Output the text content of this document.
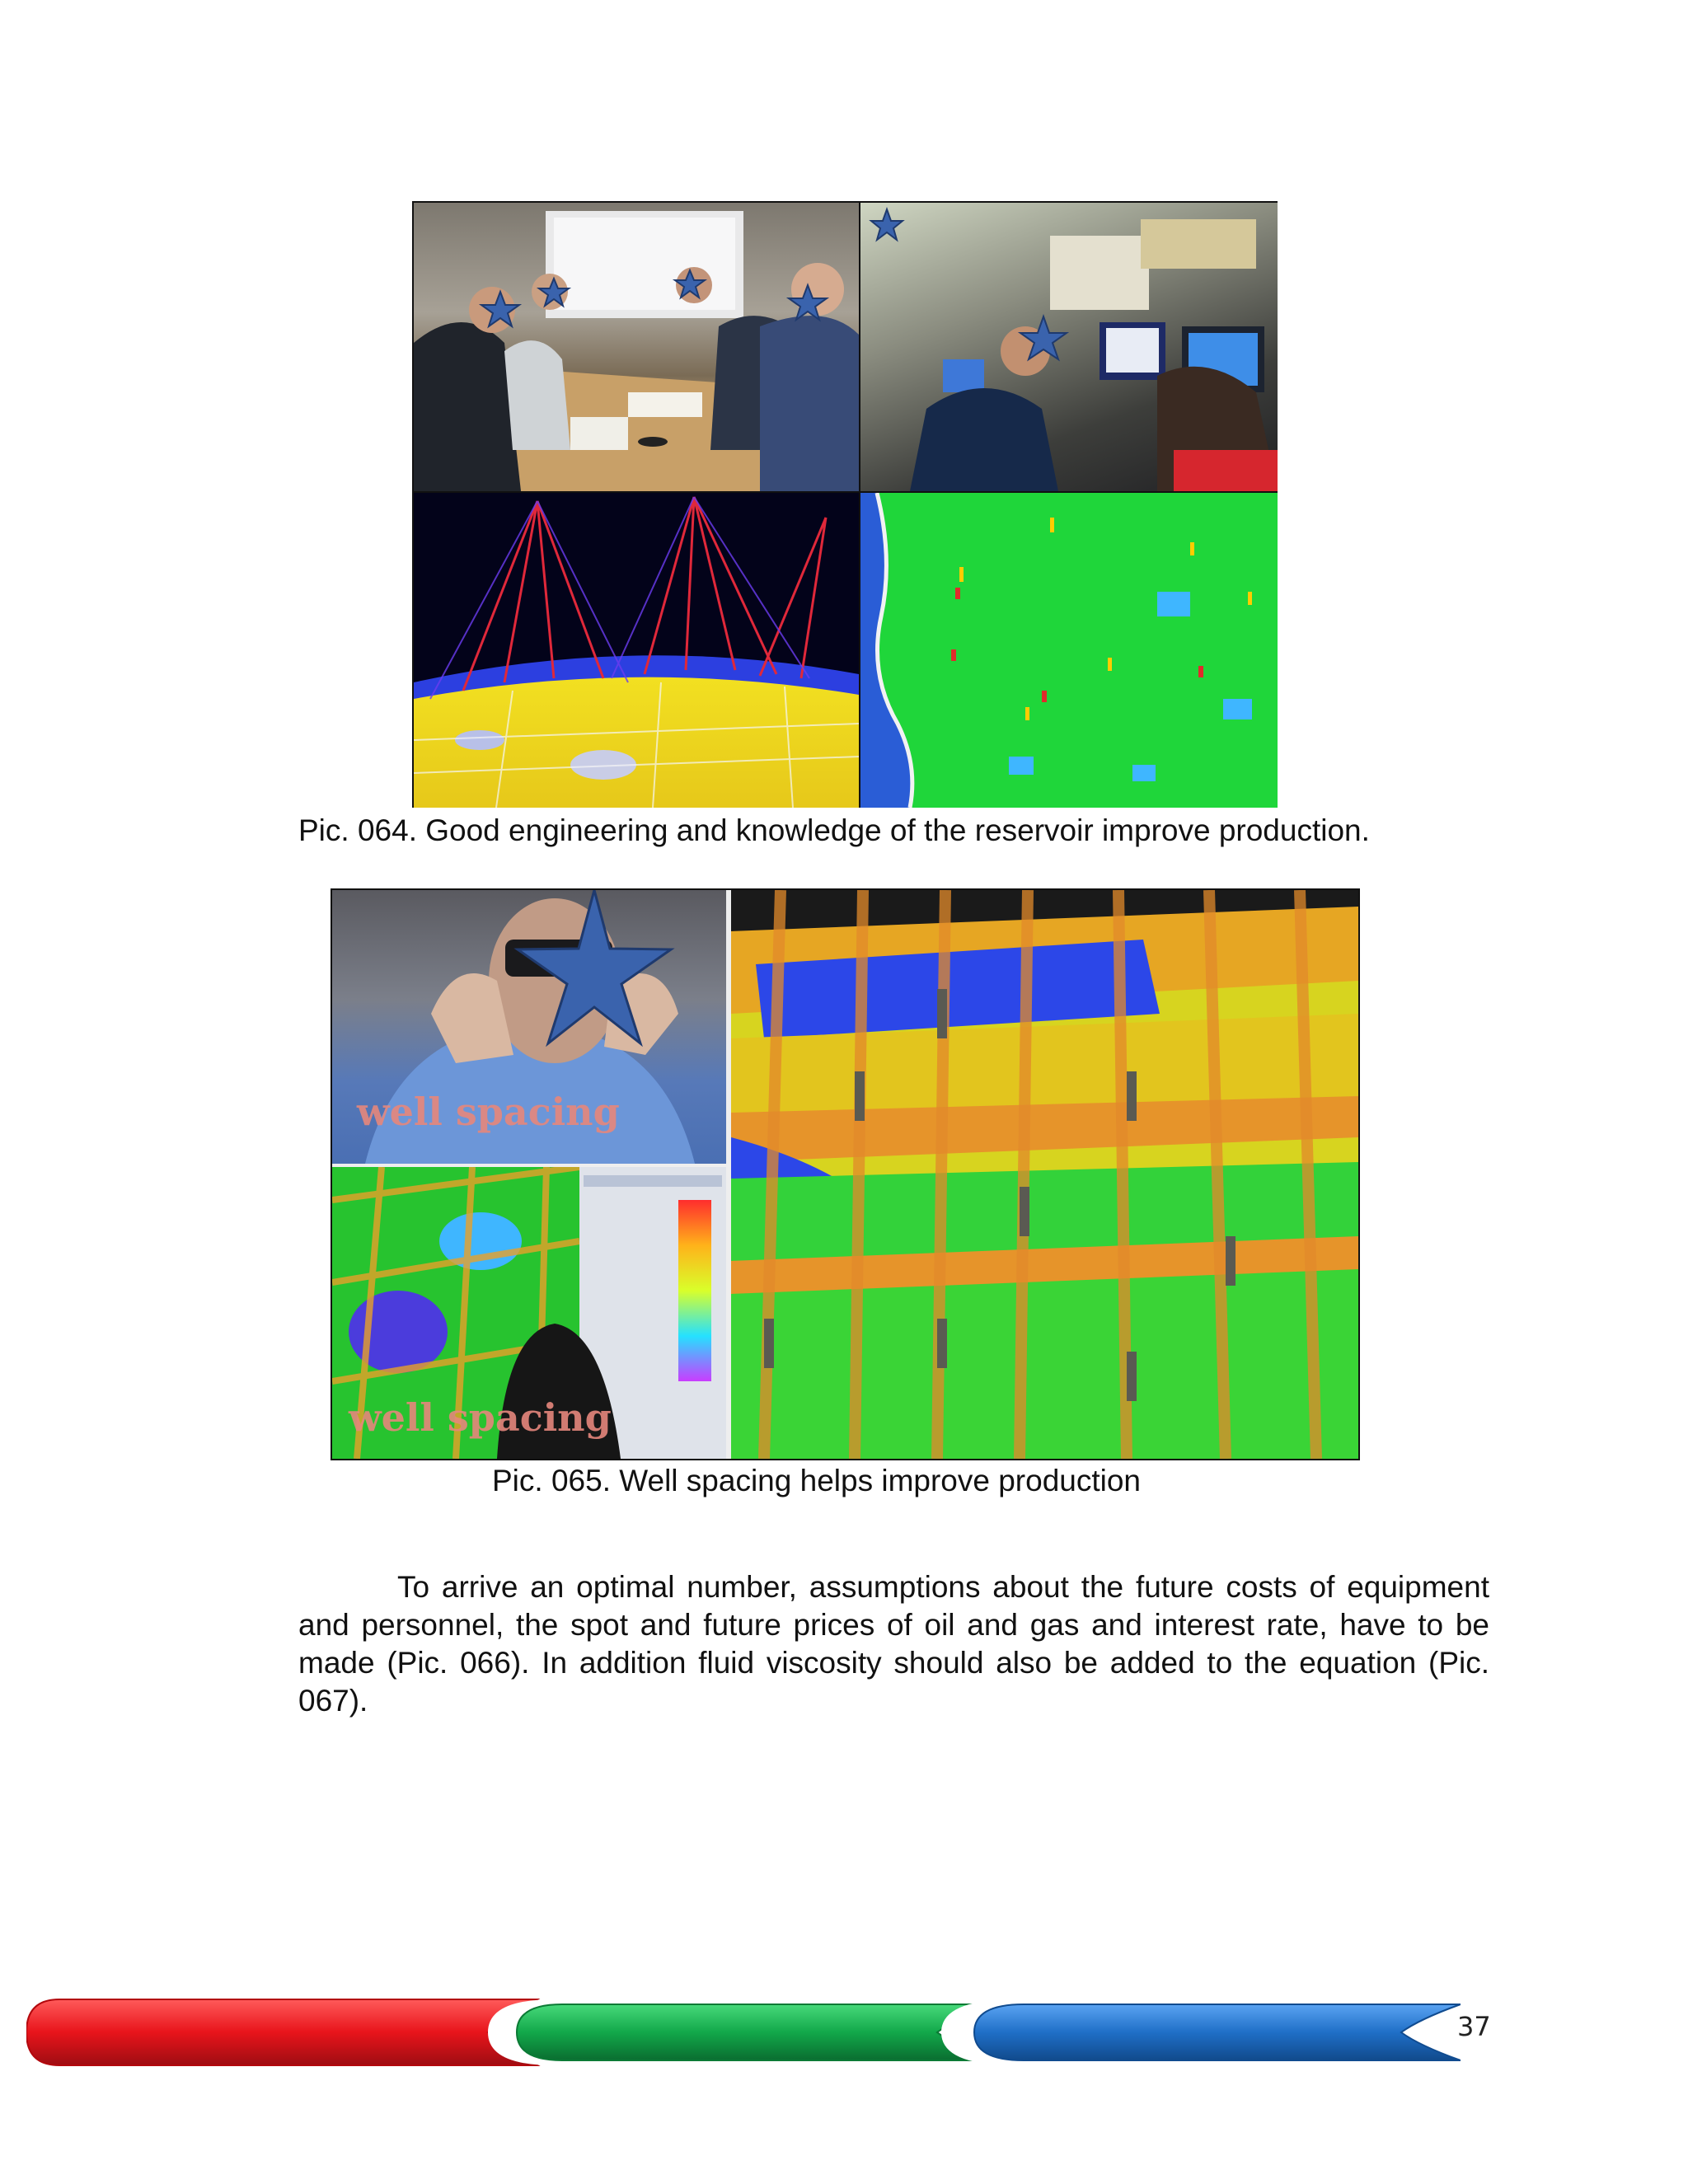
Pic. 064. Good engineering and knowledge of the reservoir improve production.
well spacing
well spacing
Pic. 065. Well spacing helps improve production

To arrive an optimal number, assumptions about the future costs of equipment and personnel, the spot and future prices of oil and gas and interest rate, have to be made (Pic. 066). In addition fluid viscosity should also be added to the equation (Pic. 067).

37
